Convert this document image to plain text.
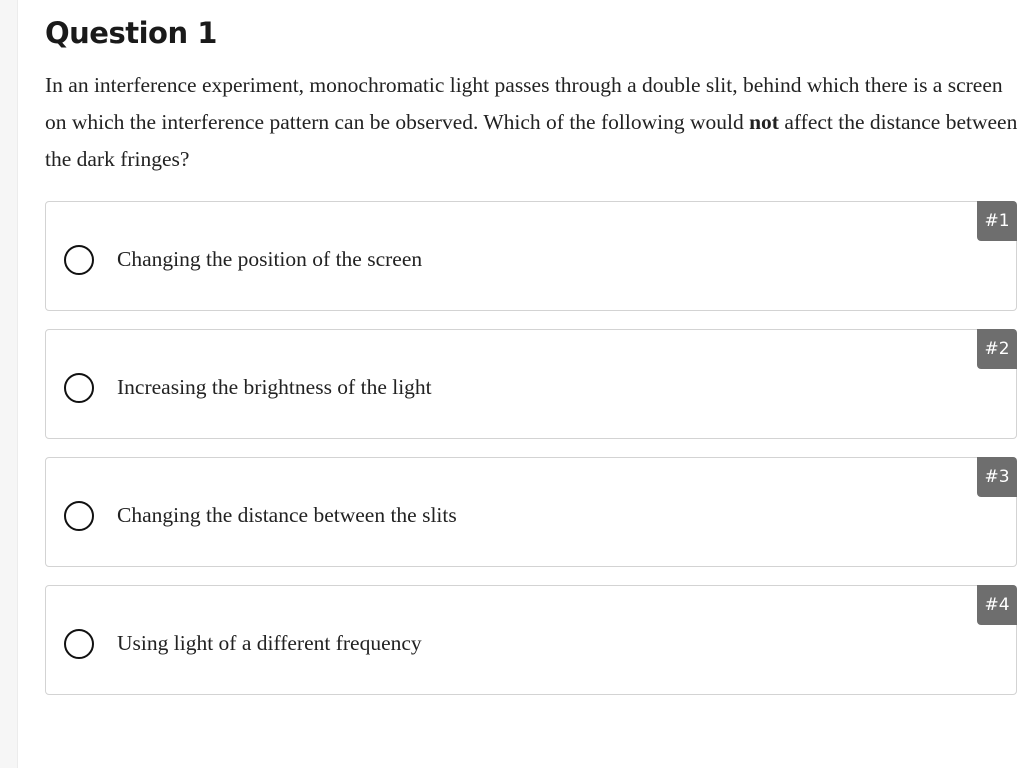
Question 1

In an interference experiment, monochromatic light passes through a double slit, behind which there is a screen on which the interference pattern can be observed. Which of the following would not affect the distance between the dark fringes?

Changing the position of the screen
#1
Increasing the brightness of the light
#2
Changing the distance between the slits
#3
Using light of a different frequency
#4
